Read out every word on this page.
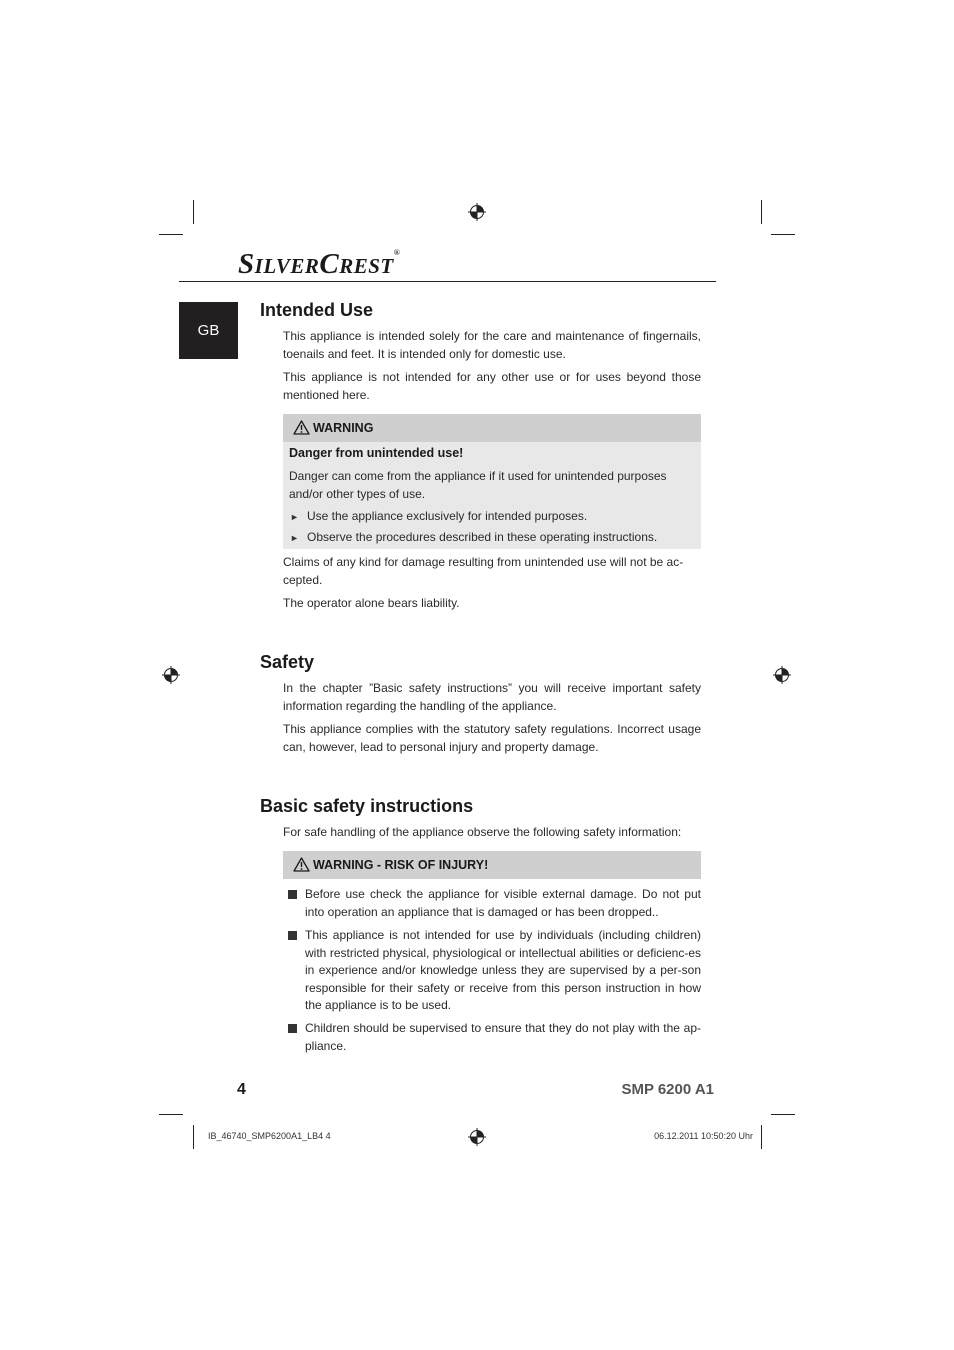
SILVERCREST®
GB
Intended Use
This appliance is intended solely for the care and maintenance of fingernails, toenails and feet. It is intended only for domestic use.
This appliance is not intended for any other use or for uses beyond those mentioned here.
WARNING
Danger from unintended use!
Danger can come from the appliance if it used for unintended purposes and/or other types of use.
► Use the appliance exclusively for intended purposes.
► Observe the procedures described in these operating instructions.
Claims of any kind for damage resulting from unintended use will not be ac-cepted.
The operator alone bears liability.
Safety
In the chapter ”Basic safety instructions” you will receive important safety information regarding the handling of the appliance.
This appliance complies with the statutory safety regulations. Incorrect usage can, however, lead to personal injury and property damage.
Basic safety instructions
For safe handling of the appliance observe the following safety information:
WARNING - RISK OF INJURY!
Before use check the appliance for visible external damage. Do not put into operation an appliance that is damaged or has been dropped..
This appliance is not intended for use by individuals (including children) with restricted physical, physiological or intellectual abilities or deficienc-es in experience and/or knowledge unless they are supervised by a per-son responsible for their safety or receive from this person instruction in how the appliance is to be used.
Children should be supervised to ensure that they do not play with the ap-pliance.
4	SMP 6200 A1
IB_46740_SMP6200A1_LB4 4	06.12.2011 10:50:20 Uhr
